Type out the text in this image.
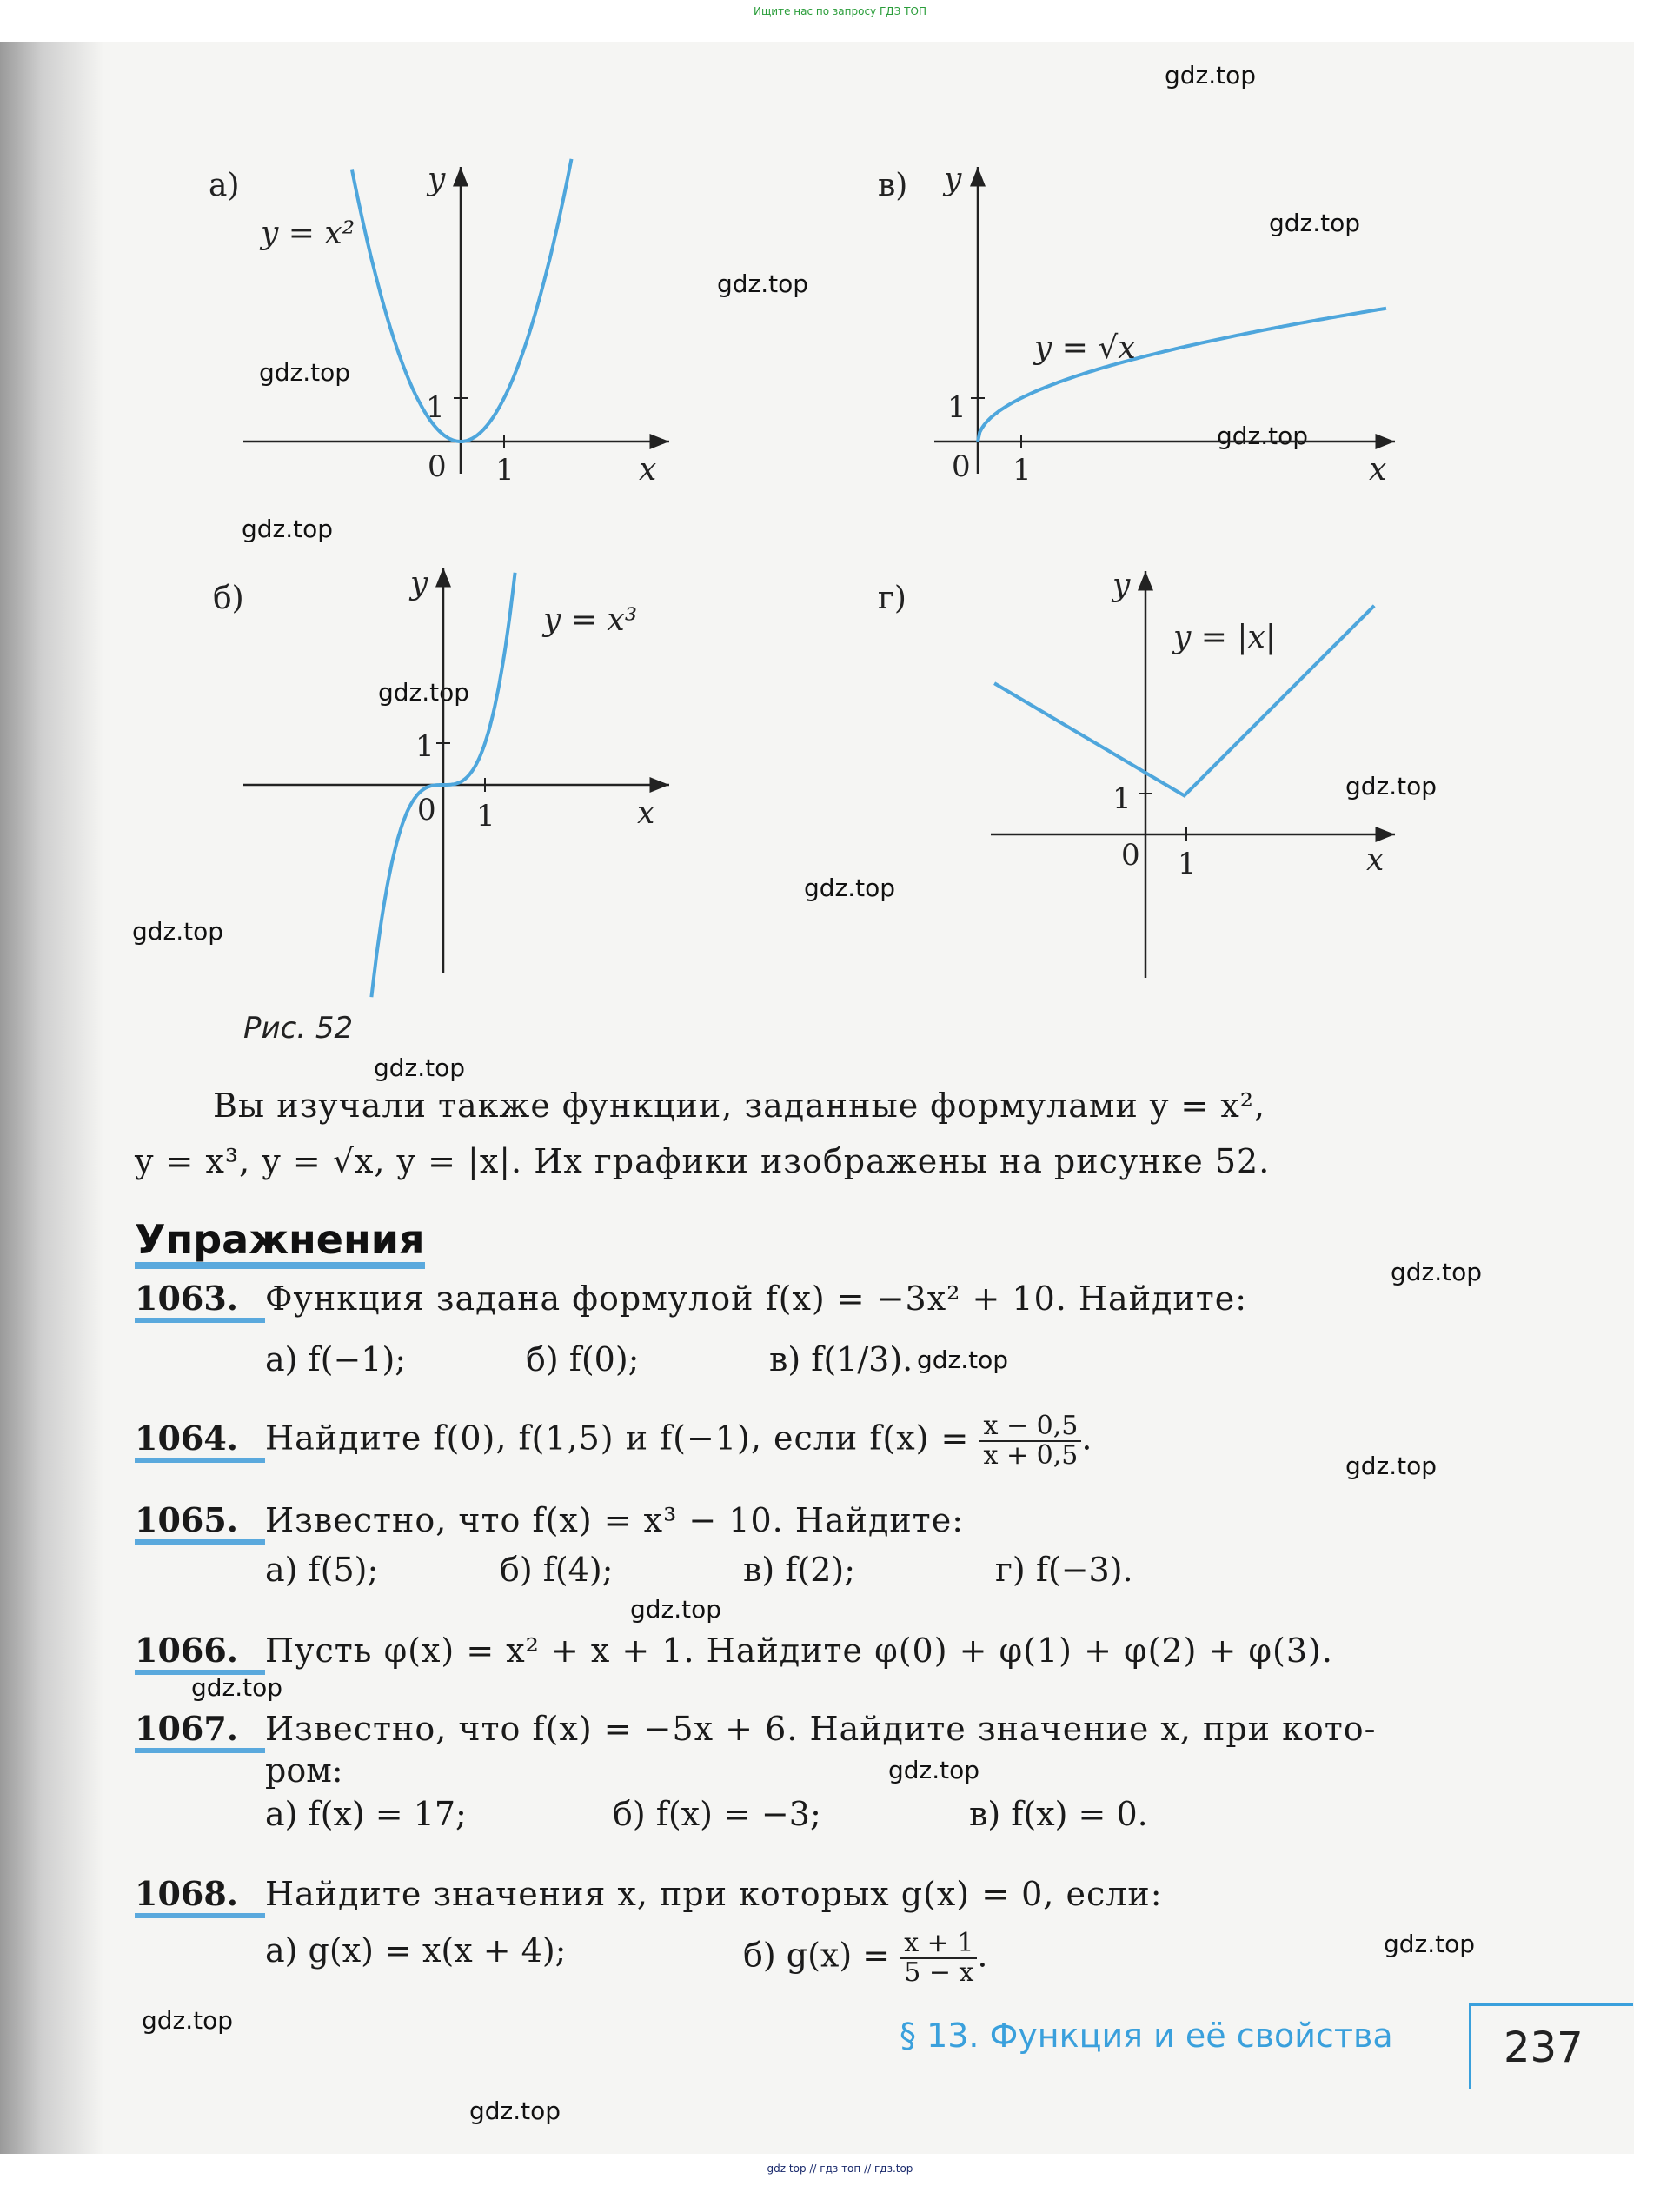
Ищите нас по запросу ГДЗ ТОП
gdz.top
gdz.top
gdz.top
gdz.top
gdz.top
gdz.top
gdz.top
gdz.top
gdz.top
gdz.top
gdz.top
gdz.top
gdz.top
gdz.top
gdz.top
gdz.top
gdz.top
gdz.top
gdz.top
gdz.top
а)
y = x²
1
0 1	x
y	в)
y = √x
1
0 1	x
y
б)
y = x³
1
0 1	x
y	г)
y = |x|
1
0 1	x
y
Рис. 52
Вы изучали также функции, заданные формулами y = x²,
y = x³, y = √x, y = |x|. Их графики изображены на рисунке 52.
Упражнения
1063. Функция задана формулой f(x) = −3x² + 10. Найдите:
а) f(−1);	б) f(0);	в) f(1/3).
1064. Найдите f(0), f(1,5) и f(−1), если $f(x) = \frac{x - 0,5}{x + 0,5}$ .
1065. Известно, что f(x) = x³ − 10. Найдите:
а) f(5);	б) f(4);	в) f(2);	г) f(−3).
1066. Пусть φ(x) = x² + x + 1. Найдите φ(0) + φ(1) + φ(2) + φ(3).
1067. Известно, что f(x) = −5x + 6. Найдите значение x, при кото-
ром:
а) f(x) = 17;	б) f(x) = −3;	в) f(x) = 0.
1068. Найдите значения x, при которых g(x) = 0, если:
а) g(x) = x(x + 4);	б) $g(x) = \frac{x + 1}{5 - x}$ .
§ 13. Функция и её свойства	237
gdz top // гдз топ // гдз.top
